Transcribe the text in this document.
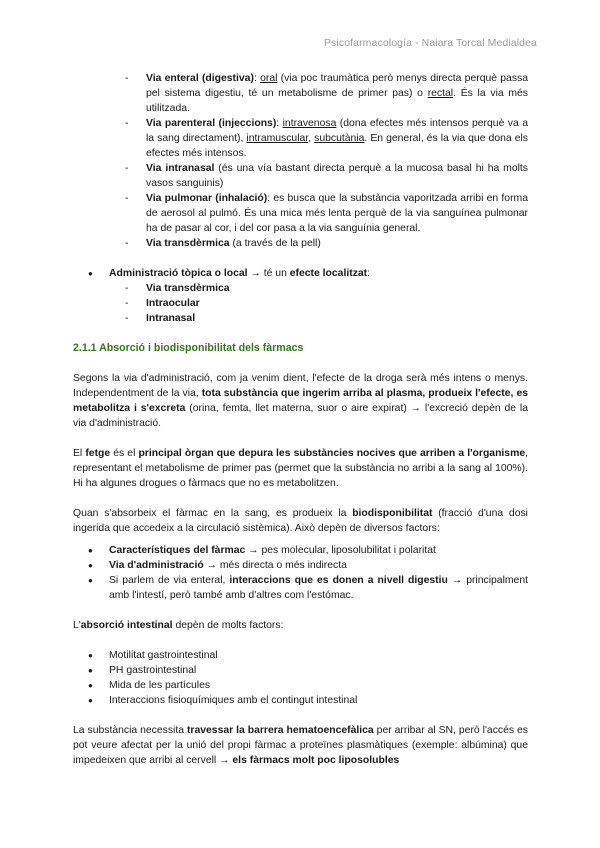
Psicofarmacología - Naiara Torcal Medialdea
- Via enteral (digestiva): oral (via poc traumàtica però menys directa perquè passa pel sistema digestiu, té un metabolisme de primer pas) o rectal. És la via més utilitzada.
- Via parenteral (injeccions): intravenosa (dona efectes més intensos perquè va a la sang directament), intramuscular, subcutània. En general, és la via que dona els efectes més intensos.
- Via intranasal (és una vía bastant directa perquè a la mucosa basal hi ha molts vasos sanguinis)
- Via pulmonar (inhalació): es busca que la substància vaporitzada arribi en forma de aerosol al pulmó. És una mica més lenta perquè de la via sanguínea pulmonar ha de pasar al cor, i del cor pasa a la via sanguínia general.
- Via transdèrmica (a través de la pell)
● Administració tòpica o local → té un efecte localitzat:
- Via transdèrmica
- Intraocular
- Intranasal
2.1.1 Absorció i biodisponibilitat dels fàrmacs

Segons la via d'administració, com ja venim dient, l'efecte de la droga serà més intens o menys. Independentment de la via, tota substància que ingerim arriba al plasma, produeix l'efecte, es metabolitza i s'excreta (orina, femta, llet materna, suor o aire expirat) → l'excreció depèn de la via d'administració.

El fetge és el principal òrgan que depura les substàncies nocives que arriben a l'organisme, representant el metabolisme de primer pas (permet que la substància no arribi a la sang al 100%). Hi ha algunes drogues o fàrmacs que no es metabolitzen.

Quan s'absorbeix el fàrmac en la sang, es produeix la biodisponibilitat (fracció d'una dosi ingerida que accedeix a la circulació sistèmica). Això depèn de diversos factors:

● Característiques del fàrmac → pes molecular, liposolubilitat i polaritat
● Via d'administració → més directa o més indirecta
● Si parlem de via enteral, interaccions que es donen a nivell digestiu → principalment amb l'intestí, però també amb d'altres com l'estómac.

L'absorció intestinal depèn de molts factors:

● Motilitat gastrointestinal
● PH gastrointestinal
● Mida de les partícules
● Interaccions fisioquímiques amb el contingut intestinal

La substància necessita travessar la barrera hematoencefàlica per arribar al SN, però l'accés es pot veure afectat per la unió del propi fàrmac a proteïnes plasmàtiques (exemple: albúmina) que impedeixen que arribi al cervell → els fàrmacs molt poc liposolubles
